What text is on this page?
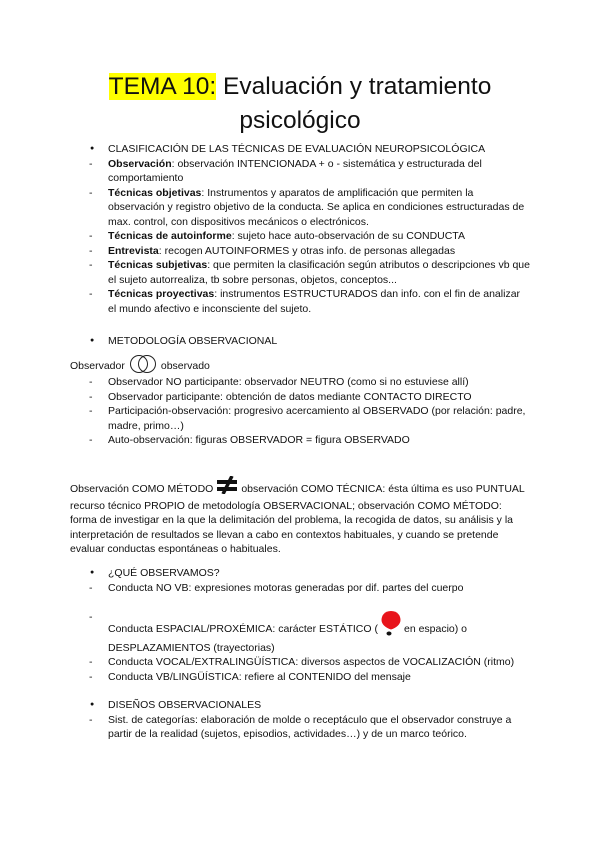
TEMA 10: Evaluación y tratamiento psicológico
● CLASIFICACIÓN DE LAS TÉCNICAS DE EVALUACIÓN NEUROPSICOLÓGICA
- Observación: observación INTENCIONADA + o - sistemática y estructurada del comportamiento
- Técnicas objetivas: Instrumentos y aparatos de amplificación que permiten la observación y registro objetivo de la conducta. Se aplica en condiciones estructuradas de max. control, con dispositivos mecánicos o electrónicos.
- Técnicas de autoinforme: sujeto hace auto-observación de su CONDUCTA
- Entrevista: recogen AUTOINFORMES y otras info. de personas allegadas
- Técnicas subjetivas: que permiten la clasificación según atributos o descripciones vb que el sujeto autorrealiza, tb sobre personas, objetos, conceptos...
- Técnicas proyectivas: instrumentos ESTRUCTURADOS dan info. con el fin de analizar el mundo afectivo e inconsciente del sujeto.
● METODOLOGÍA OBSERVACIONAL
Observador	observado
- Observador NO participante: observador NEUTRO (como si no estuviese allí)
- Observador participante: obtención de datos mediante CONTACTO DIRECTO
- Participación-observación: progresivo acercamiento al OBSERVADO (por relación: padre, madre, primo…)
- Auto-observación: figuras OBSERVADOR = figura OBSERVADO

Observación COMO MÉTODO	observación COMO TÉCNICA: ésta última es uso PUNTUAL recurso técnico PROPIO de metodología OBSERVACIONAL; observación COMO MÉTODO: forma de investigar en la que la delimitación del problema, la recogida de datos, su análisis y la interpretación de resultados se llevan a cabo en contextos habituales, y cuando se pretende evaluar conductas espontáneas o habituales.

● ¿QUÉ OBSERVAMOS?
- Conducta NO VB: expresiones motoras generadas por dif. partes del cuerpo
- Conducta ESPACIAL/PROXÉMICA: carácter ESTÁTICO ( en espacio) o DESPLAZAMIENTOS (trayectorias)
- Conducta VOCAL/EXTRALINGÜÍSTICA: diversos aspectos de VOCALIZACIÓN (ritmo)
- Conducta VB/LINGÜÍSTICA: refiere al CONTENIDO del mensaje
● DISEÑOS OBSERVACIONALES
- Sist. de categorías: elaboración de molde o receptáculo que el observador construye a partir de la realidad (sujetos, episodios, actividades…) y de un marco teórico.
